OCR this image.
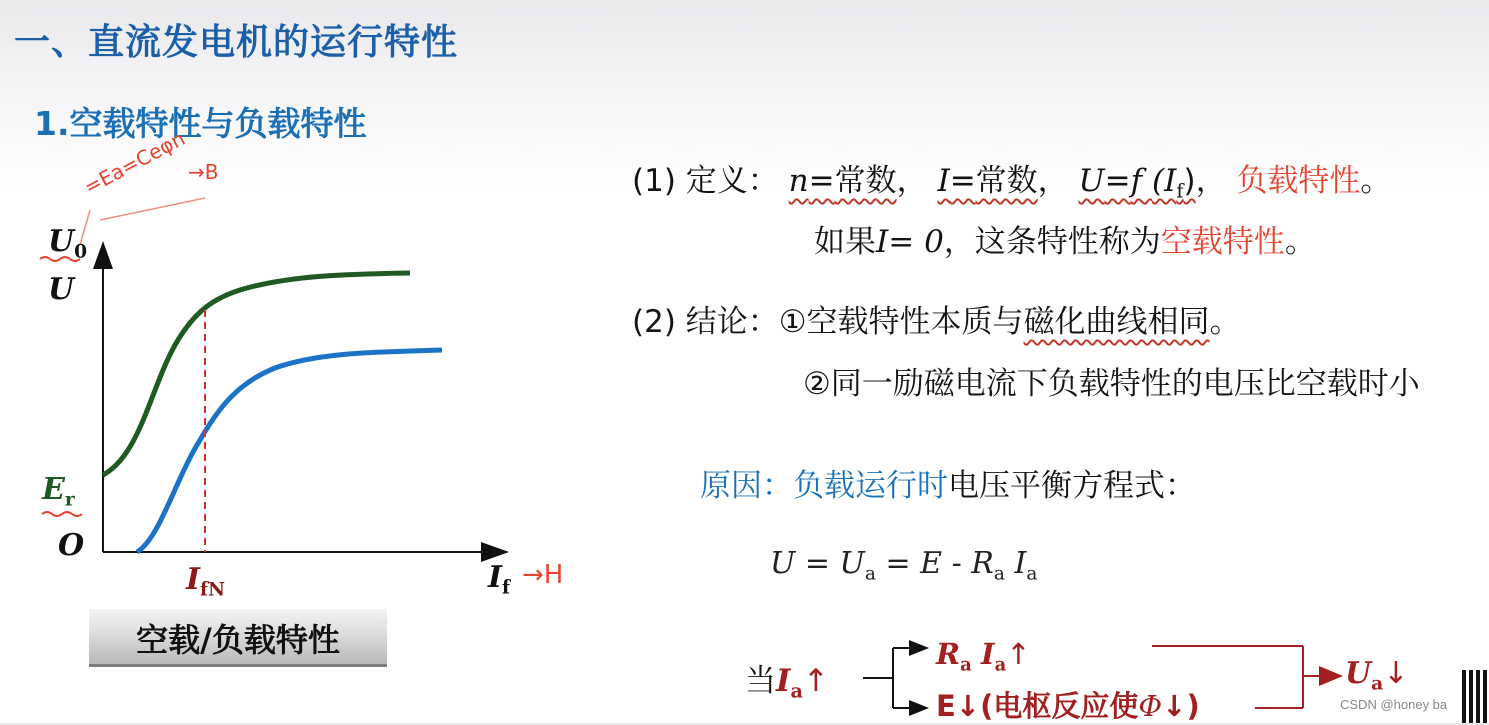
一、直流发电机的运行特性
1.空载特性与负载特性
$U_0$
U
$E_r$
O
$I_{fN}$	$I_f$
=Ea=Ceφn →B
→H
空载/负载特性
(1) 定义： n=常数， I=常数， U=f $(I_f)$， 负载特性。
如果I= 0，这条特性称为空载特性。
(2) 结论：①空载特性本质与磁化曲线相同。
②同一励磁电流下负载特性的电压比空载时小
原因：负载运行时电压平衡方程式：
$U = U_a = E - R_a$ $I_a$
当$I_a↑$
$R_a$ $I_a↑$
E↓(电枢反应使Φ↓)
$U_a↓$
CSDN @honey ba
